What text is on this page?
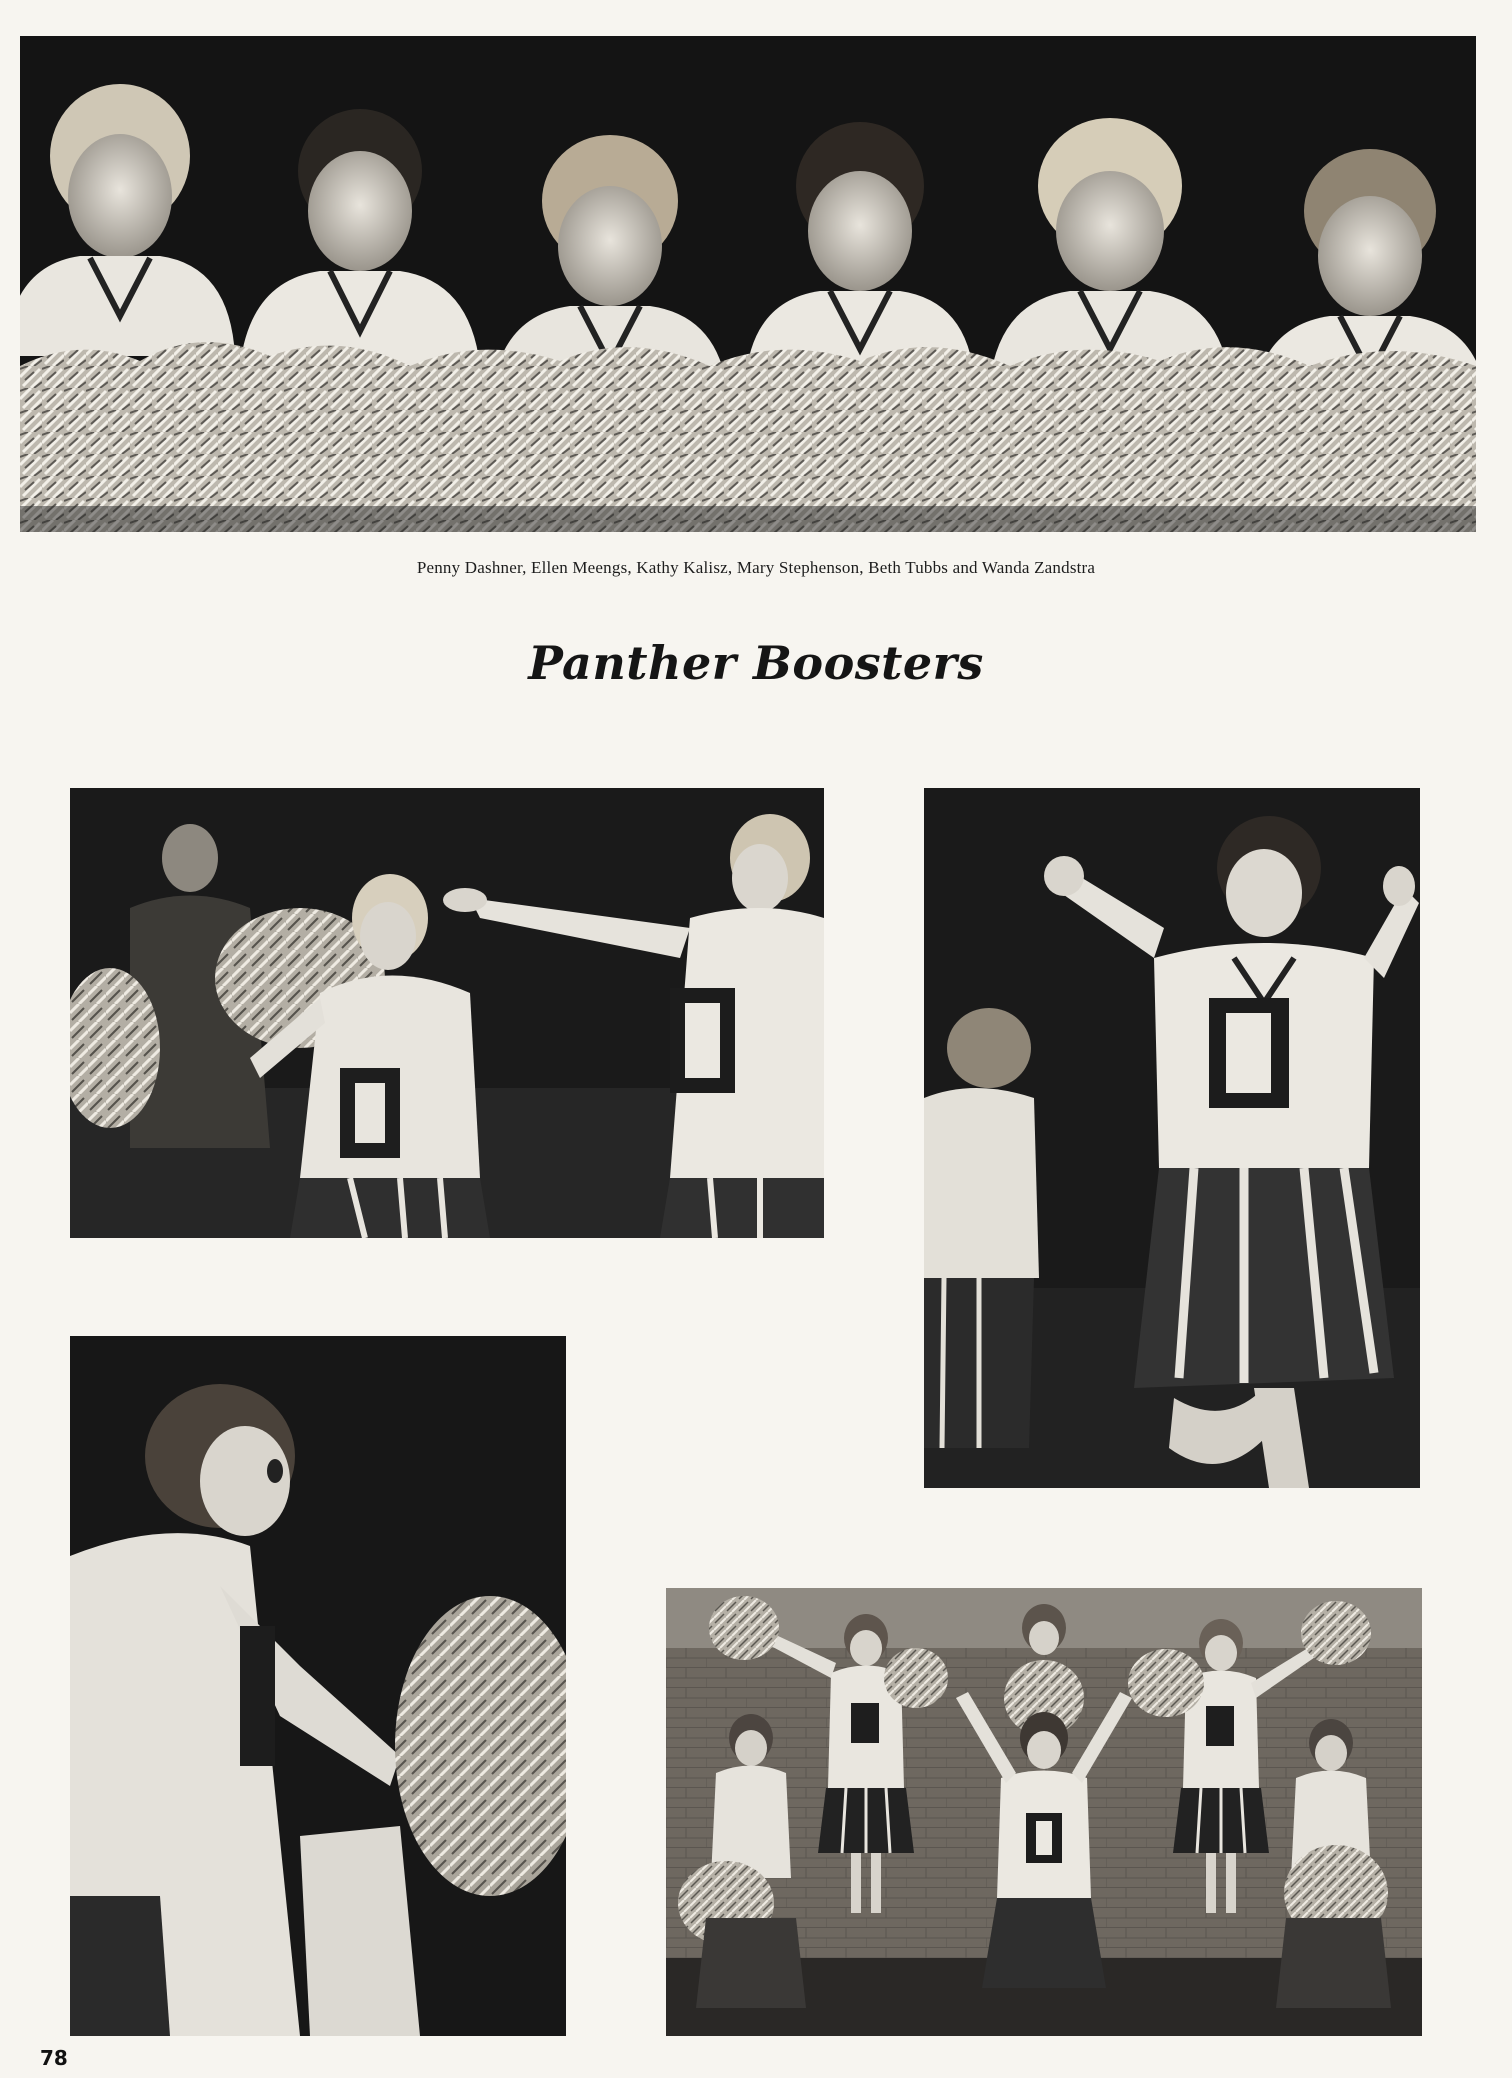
Penny Dashner, Ellen Meengs, Kathy Kalisz, Mary Stephenson, Beth Tubbs and Wanda Zandstra
Panther Boosters
78
